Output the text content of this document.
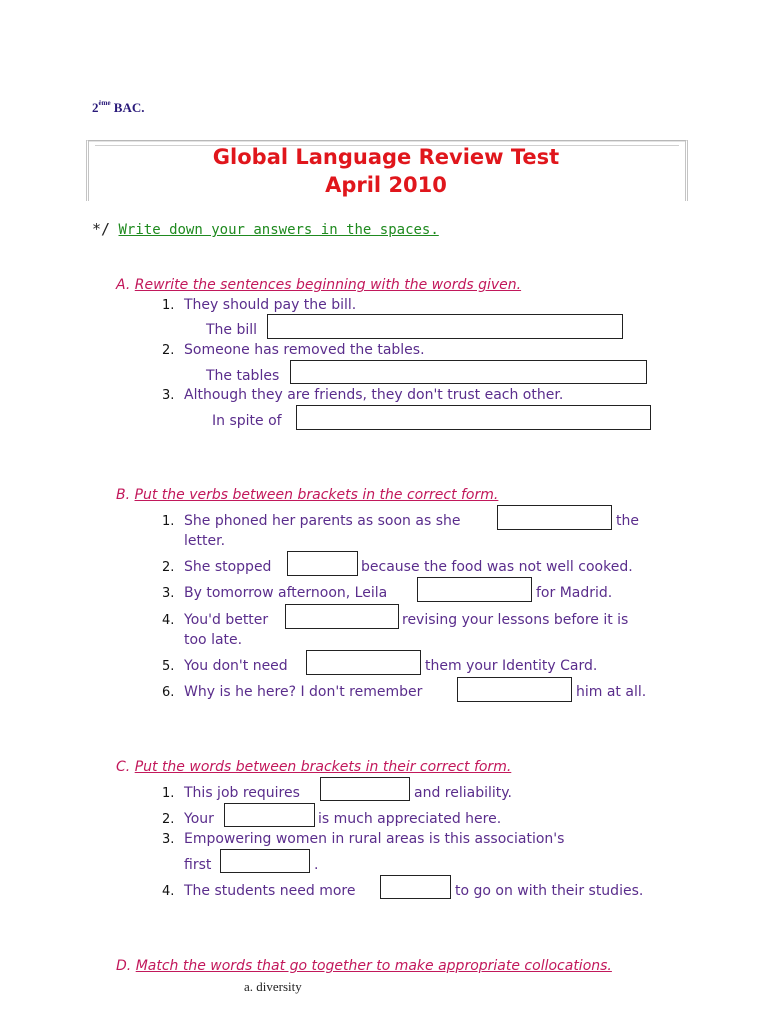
2ème BAC.
Global Language Review Test
April 2010
*/ Write down your answers in the spaces.
A. Rewrite the sentences beginning with the words given.
1. They should pay the bill.
The bill
2. Someone has removed the tables.
The tables
3. Although they are friends, they don't trust each other.
In spite of
B. Put the verbs between brackets in the correct form.
1. She phoned her parents as soon as she	the
letter.
2. She stopped	because the food was not well cooked.
3. By tomorrow afternoon, Leila	for Madrid.
4. You'd better	revising your lessons before it is
too late.
5. You don't need	them your Identity Card.
6. Why is he here? I don't remember	him at all.
C. Put the words between brackets in their correct form.
1. This job requires	and reliability.
2. Your	is much appreciated here.
3. Empowering women in rural areas is this association's
first	.
4. The students need more	to go on with their studies.
D. Match the words that go together to make appropriate collocations.
a. diversity
